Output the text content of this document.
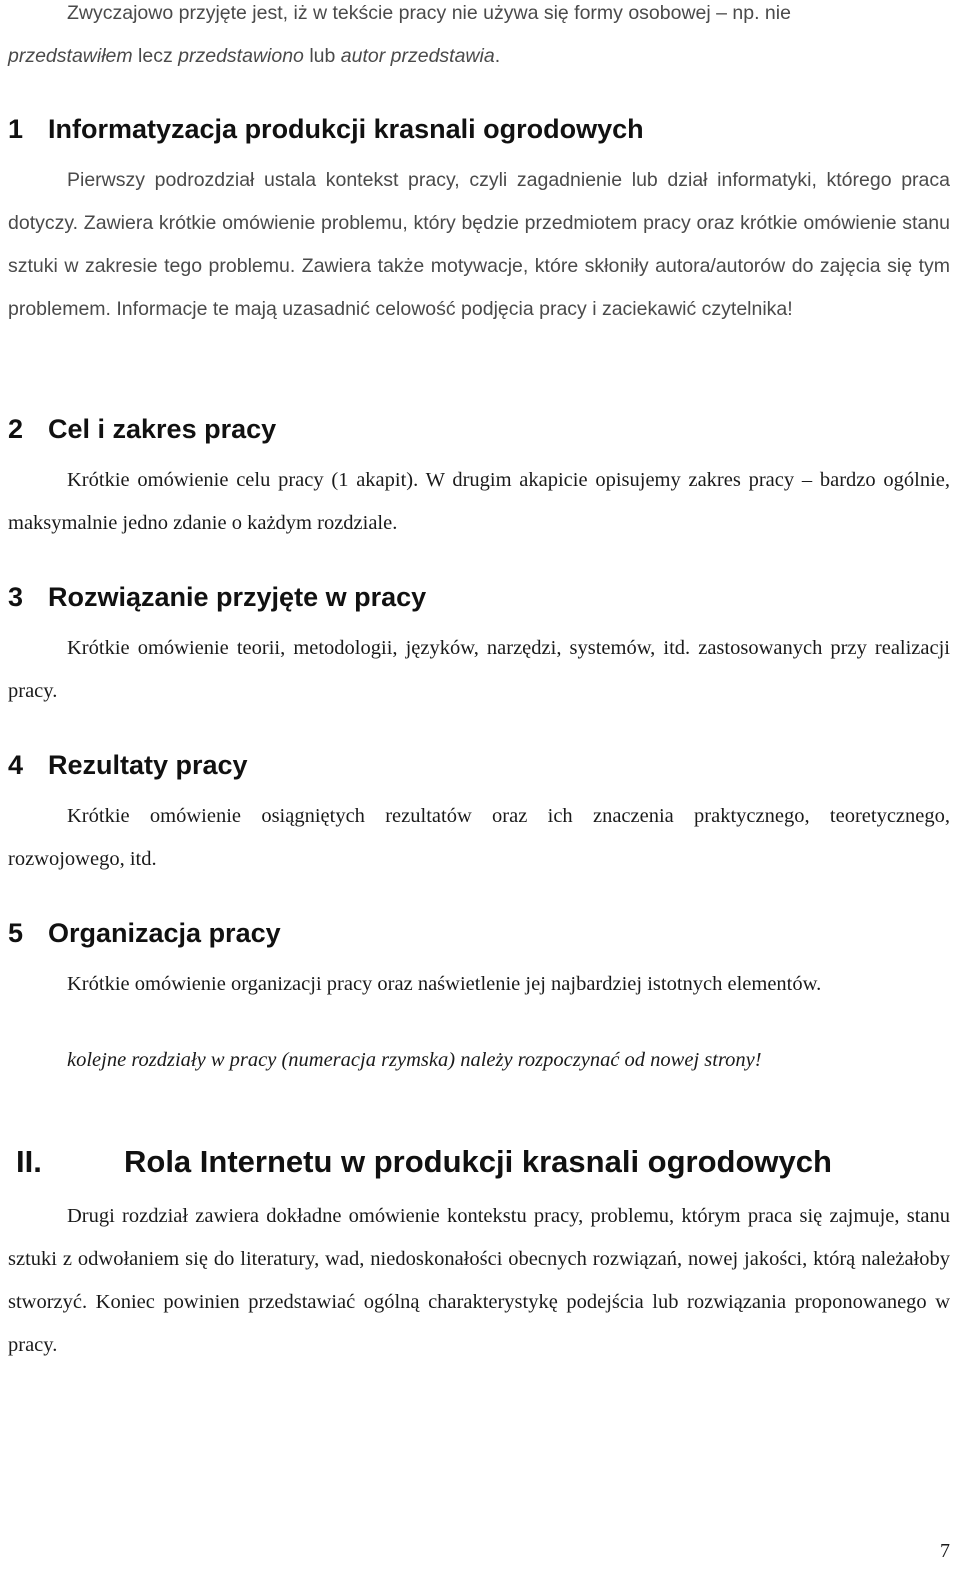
Zwyczajowo przyjęte jest, iż w tekście pracy nie używa się formy osobowej – np. nie
przedstawiłem lecz przedstawiono lub autor przedstawia.

1 Informatyzacja produkcji krasnali ogrodowych

Pierwszy podrozdział ustala kontekst pracy, czyli zagadnienie lub dział informatyki, którego praca dotyczy. Zawiera krótkie omówienie problemu, który będzie przedmiotem pracy oraz krótkie omówienie stanu sztuki w zakresie tego problemu. Zawiera także motywacje, które skłoniły autora/autorów do zajęcia się tym problemem. Informacje te mają uzasadnić celowość podjęcia pracy i zaciekawić czytelnika!

2 Cel i zakres pracy

Krótkie omówienie celu pracy (1 akapit). W drugim akapicie opisujemy zakres pracy – bardzo ogólnie, maksymalnie jedno zdanie o każdym rozdziale.

3 Rozwiązanie przyjęte w pracy

Krótkie omówienie teorii, metodologii, języków, narzędzi, systemów, itd. zastosowanych przy realizacji pracy.

4 Rezultaty pracy

Krótkie omówienie osiągniętych rezultatów oraz ich znaczenia praktycznego, teoretycznego, rozwojowego, itd.

5 Organizacja pracy

Krótkie omówienie organizacji pracy oraz naświetlenie jej najbardziej istotnych elementów.

kolejne rozdziały w pracy (numeracja rzymska) należy rozpoczynać od nowej strony!

II.	Rola Internetu w produkcji krasnali ogrodowych

Drugi rozdział zawiera dokładne omówienie kontekstu pracy, problemu, którym praca się zajmuje, stanu sztuki z odwołaniem się do literatury, wad, niedoskonałości obecnych rozwiązań, nowej jakości, którą należałoby stworzyć. Koniec powinien przedstawiać ogólną charakterystykę podejścia lub rozwiązania proponowanego w pracy.

7
